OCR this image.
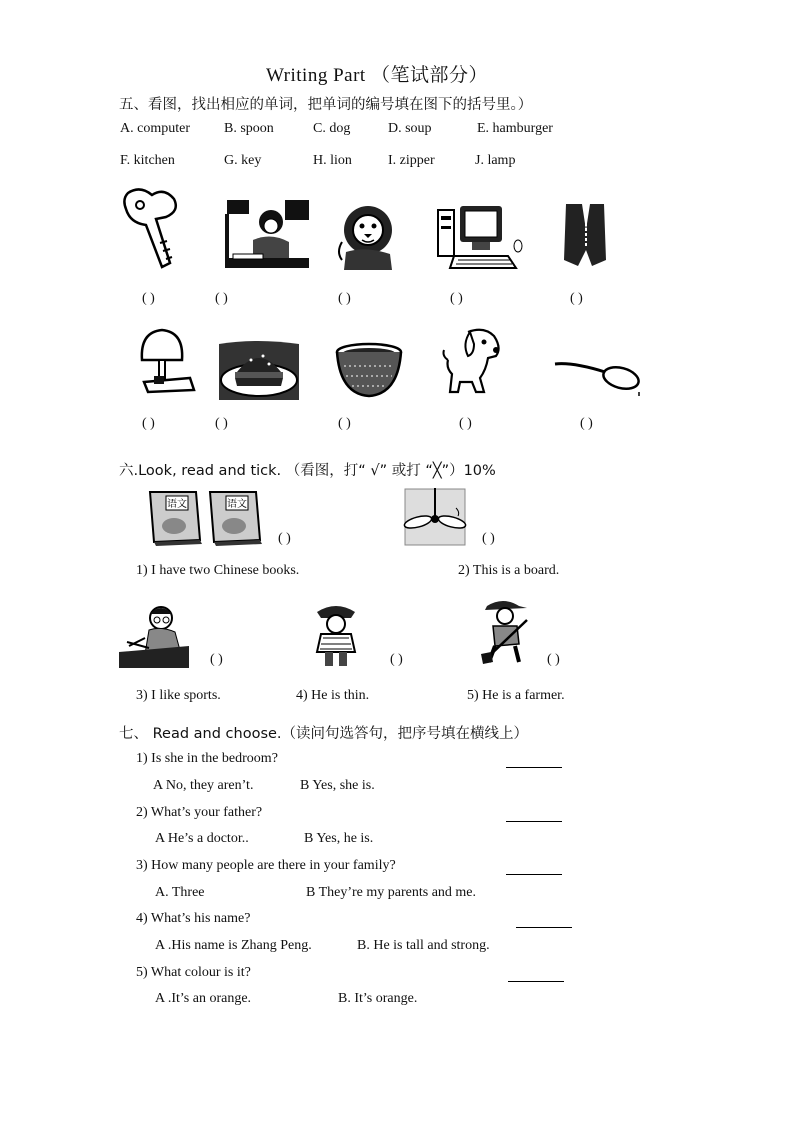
Writing Part （笔试部分）
五、看图，找出相应的单词，把单词的编号填在图下的括号里。）
A. computer B. spoon	C. dog	D. soup	E. hamburger
F. kitchen	G. key	H. lion	I. zipper	J. lamp
( )	( )	( )	( )	( )
( )	( )	( )	( )	( )
六.Look, read and tick. （看图，打“ √” 或打 “╳”）10%
语文	语文
( )	( )
1) I have two Chinese books.	2) This is a board.
( )	( )	( )
3) I like sports.	4) He is thin.	5) He is a farmer.
七、 Read and choose.（读问句选答句，把序号填在横线上）
1) Is she in the bedroom?
A No, they aren’t.	B Yes, she is.
2) What’s your father?
A He’s a doctor..	B Yes, he is.
3) How many people are there in your family?
A. Three	B They’re my parents and me.
4) What’s his name?
A .His name is Zhang Peng.	B. He is tall and strong.
5) What colour is it?
A .It’s an orange.	B. It’s orange.
